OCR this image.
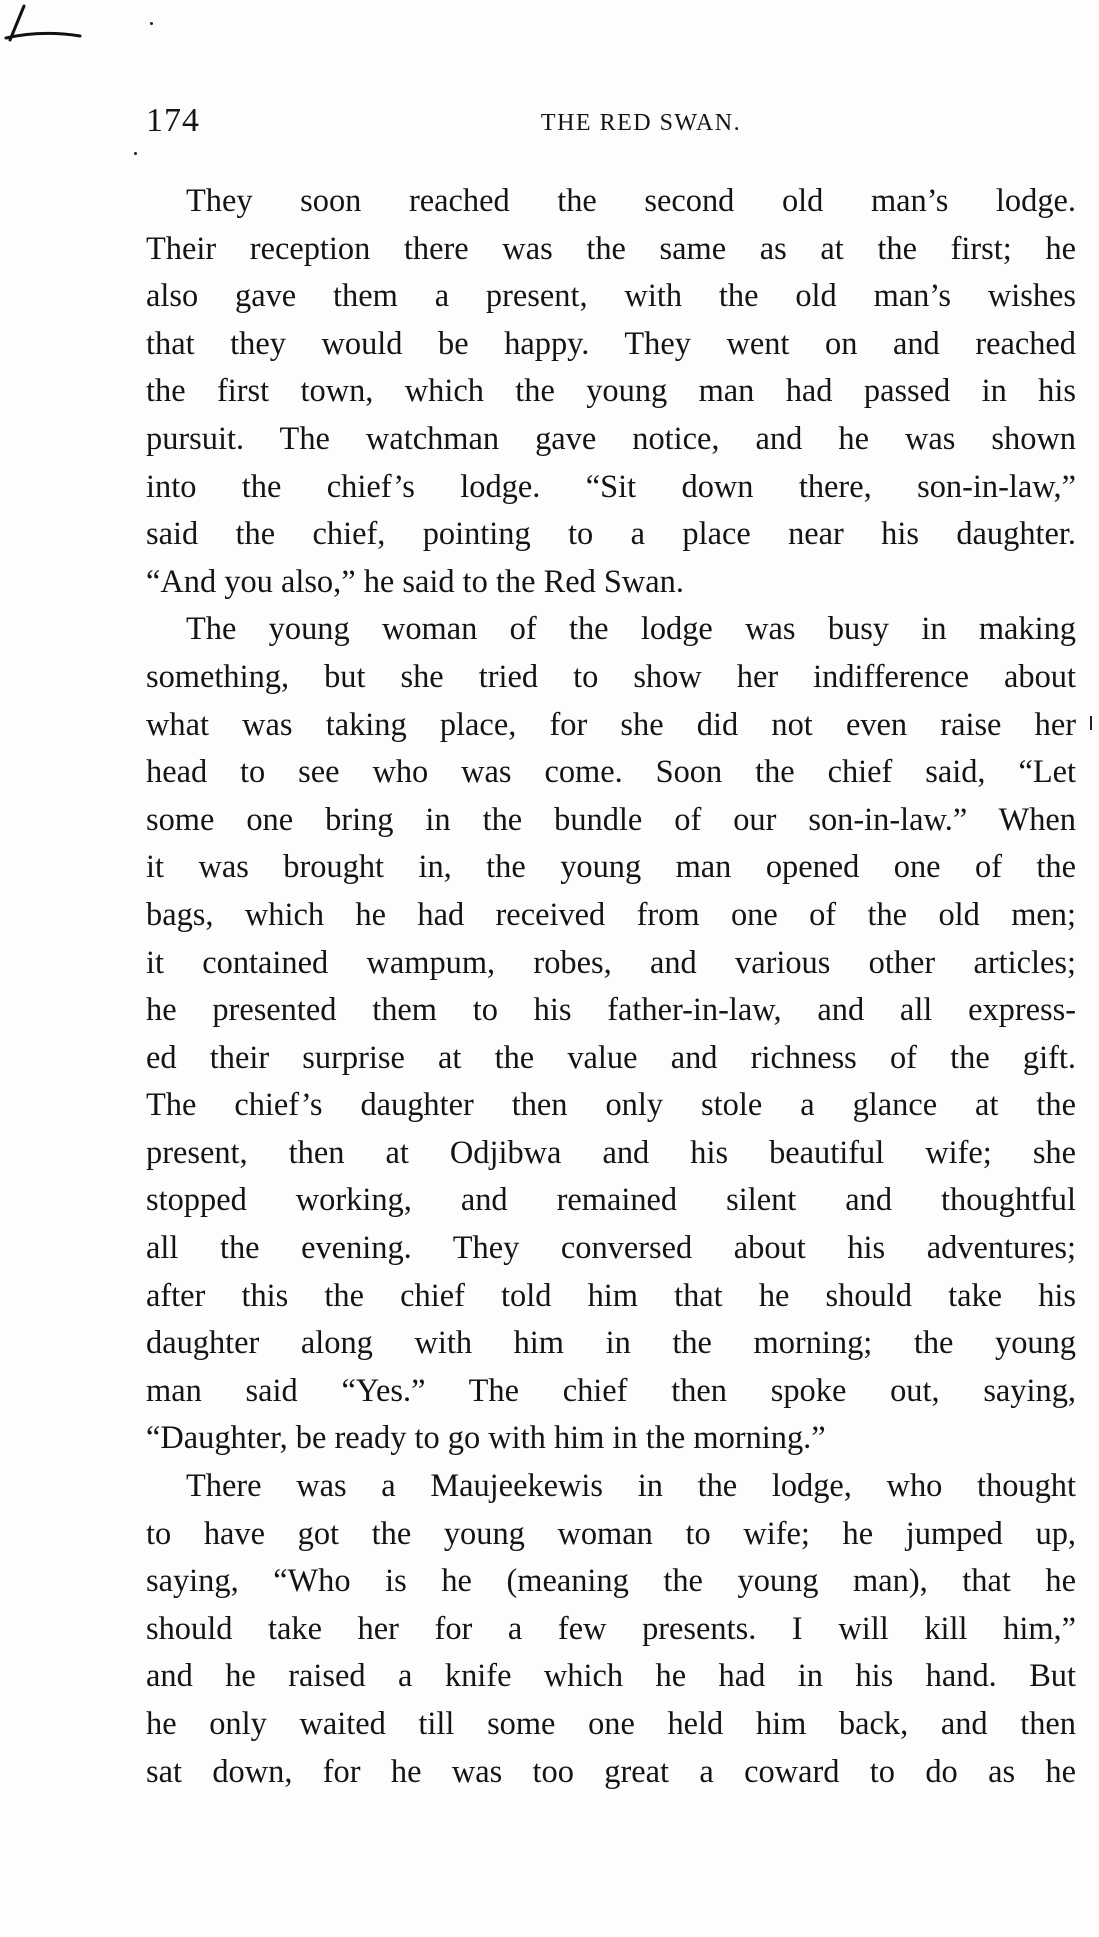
174	THE RED SWAN.
They soon reached the second old man’s lodge.
Their reception there was the same as at the first; he
also gave them a present, with the old man’s wishes
that they would be happy. They went on and reached
the first town, which the young man had passed in his
pursuit. The watchman gave notice, and he was shown
into the chief’s lodge. “Sit down there, son-in-law,”
said the chief, pointing to a place near his daughter.
“And you also,” he said to the Red Swan.
The young woman of the lodge was busy in making
something, but she tried to show her indifference about
what was taking place, for she did not even raise her
head to see who was come. Soon the chief said, “Let
some one bring in the bundle of our son-in-law.” When
it was brought in, the young man opened one of the
bags, which he had received from one of the old men;
it contained wampum, robes, and various other articles;
he presented them to his father-in-law, and all express-
ed their surprise at the value and richness of the gift.
The chief’s daughter then only stole a glance at the
present, then at Odjibwa and his beautiful wife; she
stopped working, and remained silent and thoughtful
all the evening. They conversed about his adventures;
after this the chief told him that he should take his
daughter along with him in the morning; the young
man said “Yes.” The chief then spoke out, saying,
“Daughter, be ready to go with him in the morning.”
There was a Maujeekewis in the lodge, who thought
to have got the young woman to wife; he jumped up,
saying, “Who is he (meaning the young man), that he
should take her for a few presents. I will kill him,”
and he raised a knife which he had in his hand. But
he only waited till some one held him back, and then
sat down, for he was too great a coward to do as he
